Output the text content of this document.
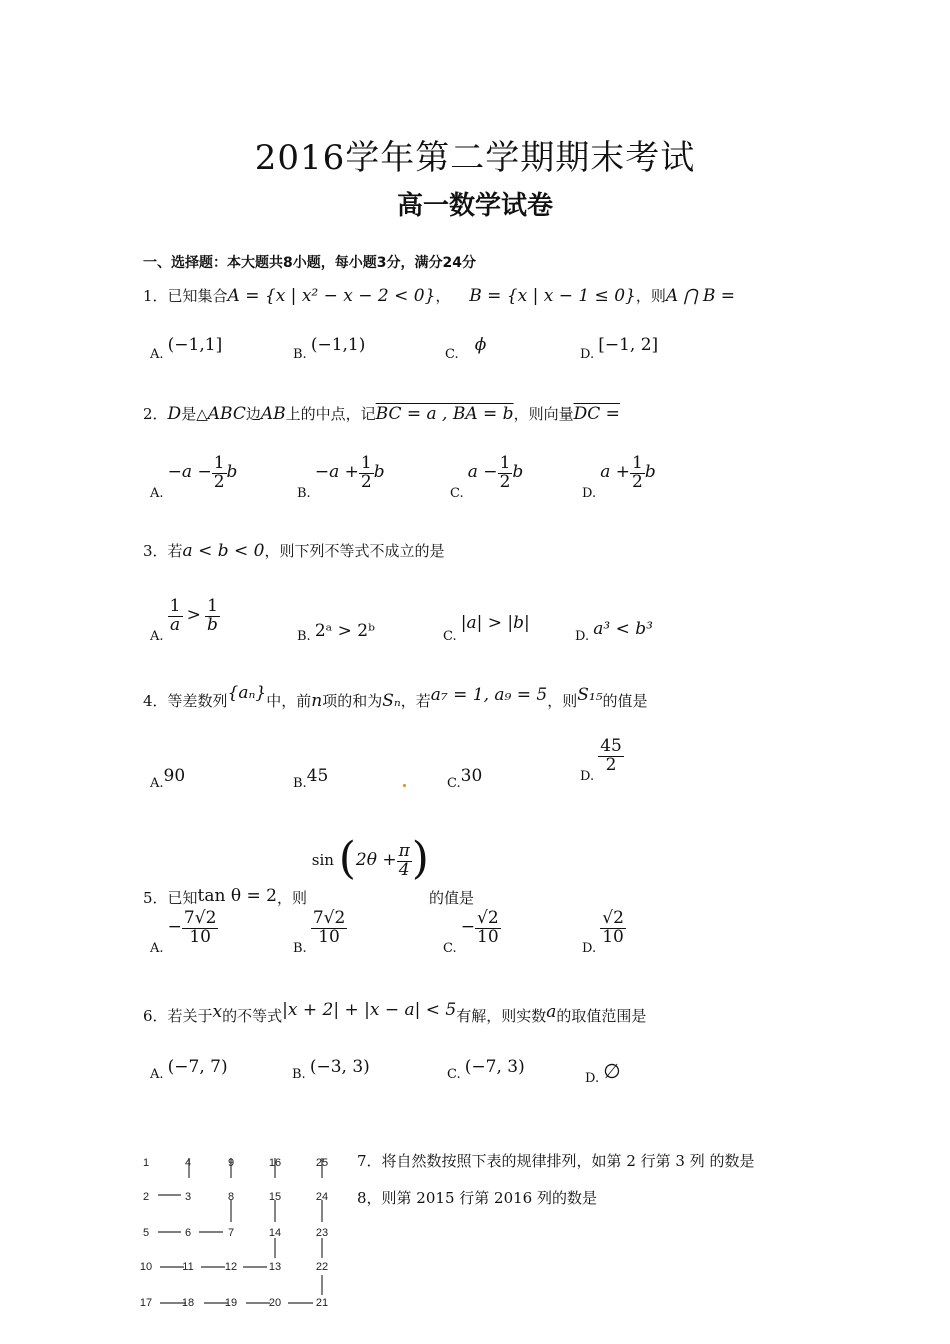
2016学年第二学期期末考试
高一数学试卷
一、选择题：本大题共8小题，每小题3分，满分24分
1．已知集合A = {x | x² − x − 2 < 0}， B = {x | x − 1 ≤ 0}，则A ⋂ B =
A. (−1,1]	B. (−1,1)	C. ϕ	D. [−1, 2]
2．D是△ABC边AB上的中点，记BC = a , BA = b，则向量DC =
A. $-a - \frac{1}{2}$ b
B. $-a + \frac{1}{2}$ b
C. $a - \frac{1}{2}$ b
D. $a + \frac{1}{2}$ b
3．若a < b < 0，则下列不等式不成立的是
A.
$\frac{1}{a} > \frac{1}{b}$
B. 2ᵃ > 2ᵇ	C. |a| > |b|
D. a³ < b³
4．等差数列{aₙ}中，前n项的和为Sₙ，若a₇ = 1, a₉ = 5，则S₁₅的值是
A.90	B.45	C.30	D.
$\frac{45}{2}$
5．已知tan θ = 2，则 $\sin (2\theta + \frac{\pi}{4}$ )的值是
A. − $\frac{7√2}{10}$
B.
$\frac{7√2}{10}$
C. − $\frac{√2}{10}$
D.
$\frac{√2}{10}$
6．若关于x的不等式|x + 2| + |x − a| < 5有解，则实数a的取值范围是
A. (−7, 7)	B. (−3, 3)	C. (−7, 3)
D. ∅
7．将自然数按照下表的规律排列，如第 2 行第 3 列 的数是
8，则第 2015 行第 2016 列的数是
1	4	9	16	25
2	3	8	15	24
5	6	7	14	23
10	11	12	13	22
17	18	19	20	21
